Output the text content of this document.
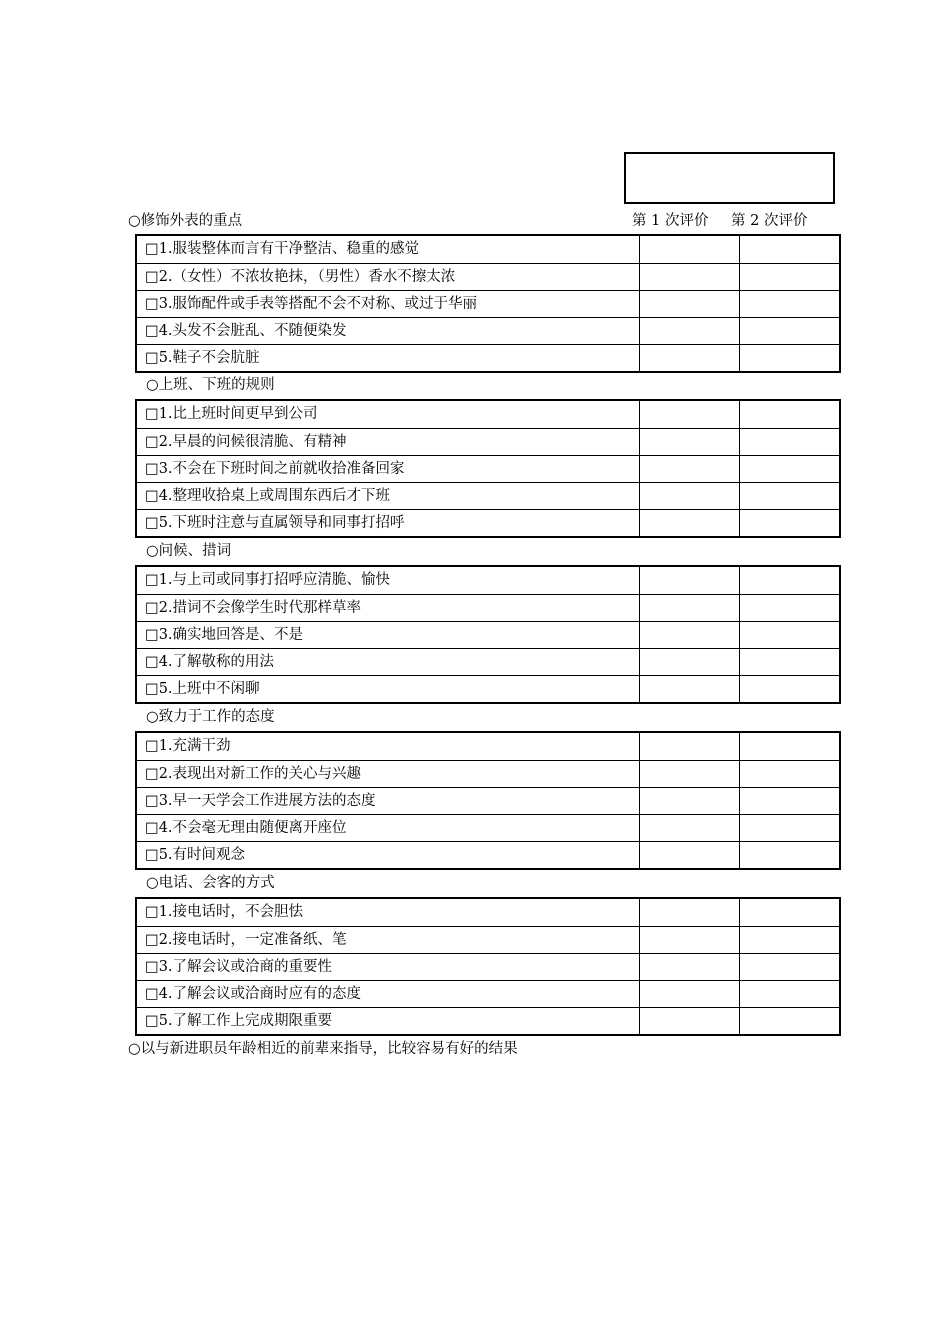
第 1 次评价 第 2 次评价
○修饰外表的重点
□1.服装整体而言有干净整洁、稳重的感觉
□2.（女性）不浓妆艳抹，（男性）香水不擦太浓
□3.服饰配件或手表等搭配不会不对称、或过于华丽
□4.头发不会脏乱、不随便染发
□5.鞋子不会肮脏
○上班、下班的规则
□1.比上班时间更早到公司
□2.早晨的问候很清脆、有精神
□3.不会在下班时间之前就收拾准备回家
□4.整理收拾桌上或周围东西后才下班
□5.下班时注意与直属领导和同事打招呼
○问候、措词
□1.与上司或同事打招呼应清脆、愉快
□2.措词不会像学生时代那样草率
□3.确实地回答是、不是
□4.了解敬称的用法
□5.上班中不闲聊
○致力于工作的态度
□1.充满干劲
□2.表现出对新工作的关心与兴趣
□3.早一天学会工作进展方法的态度
□4.不会毫无理由随便离开座位
□5.有时间观念
○电话、会客的方式
□1.接电话时，不会胆怯
□2.接电话时，一定准备纸、笔
□3.了解会议或洽商的重要性
□4.了解会议或洽商时应有的态度
□5.了解工作上完成期限重要
○以与新进职员年龄相近的前辈来指导，比较容易有好的结果
